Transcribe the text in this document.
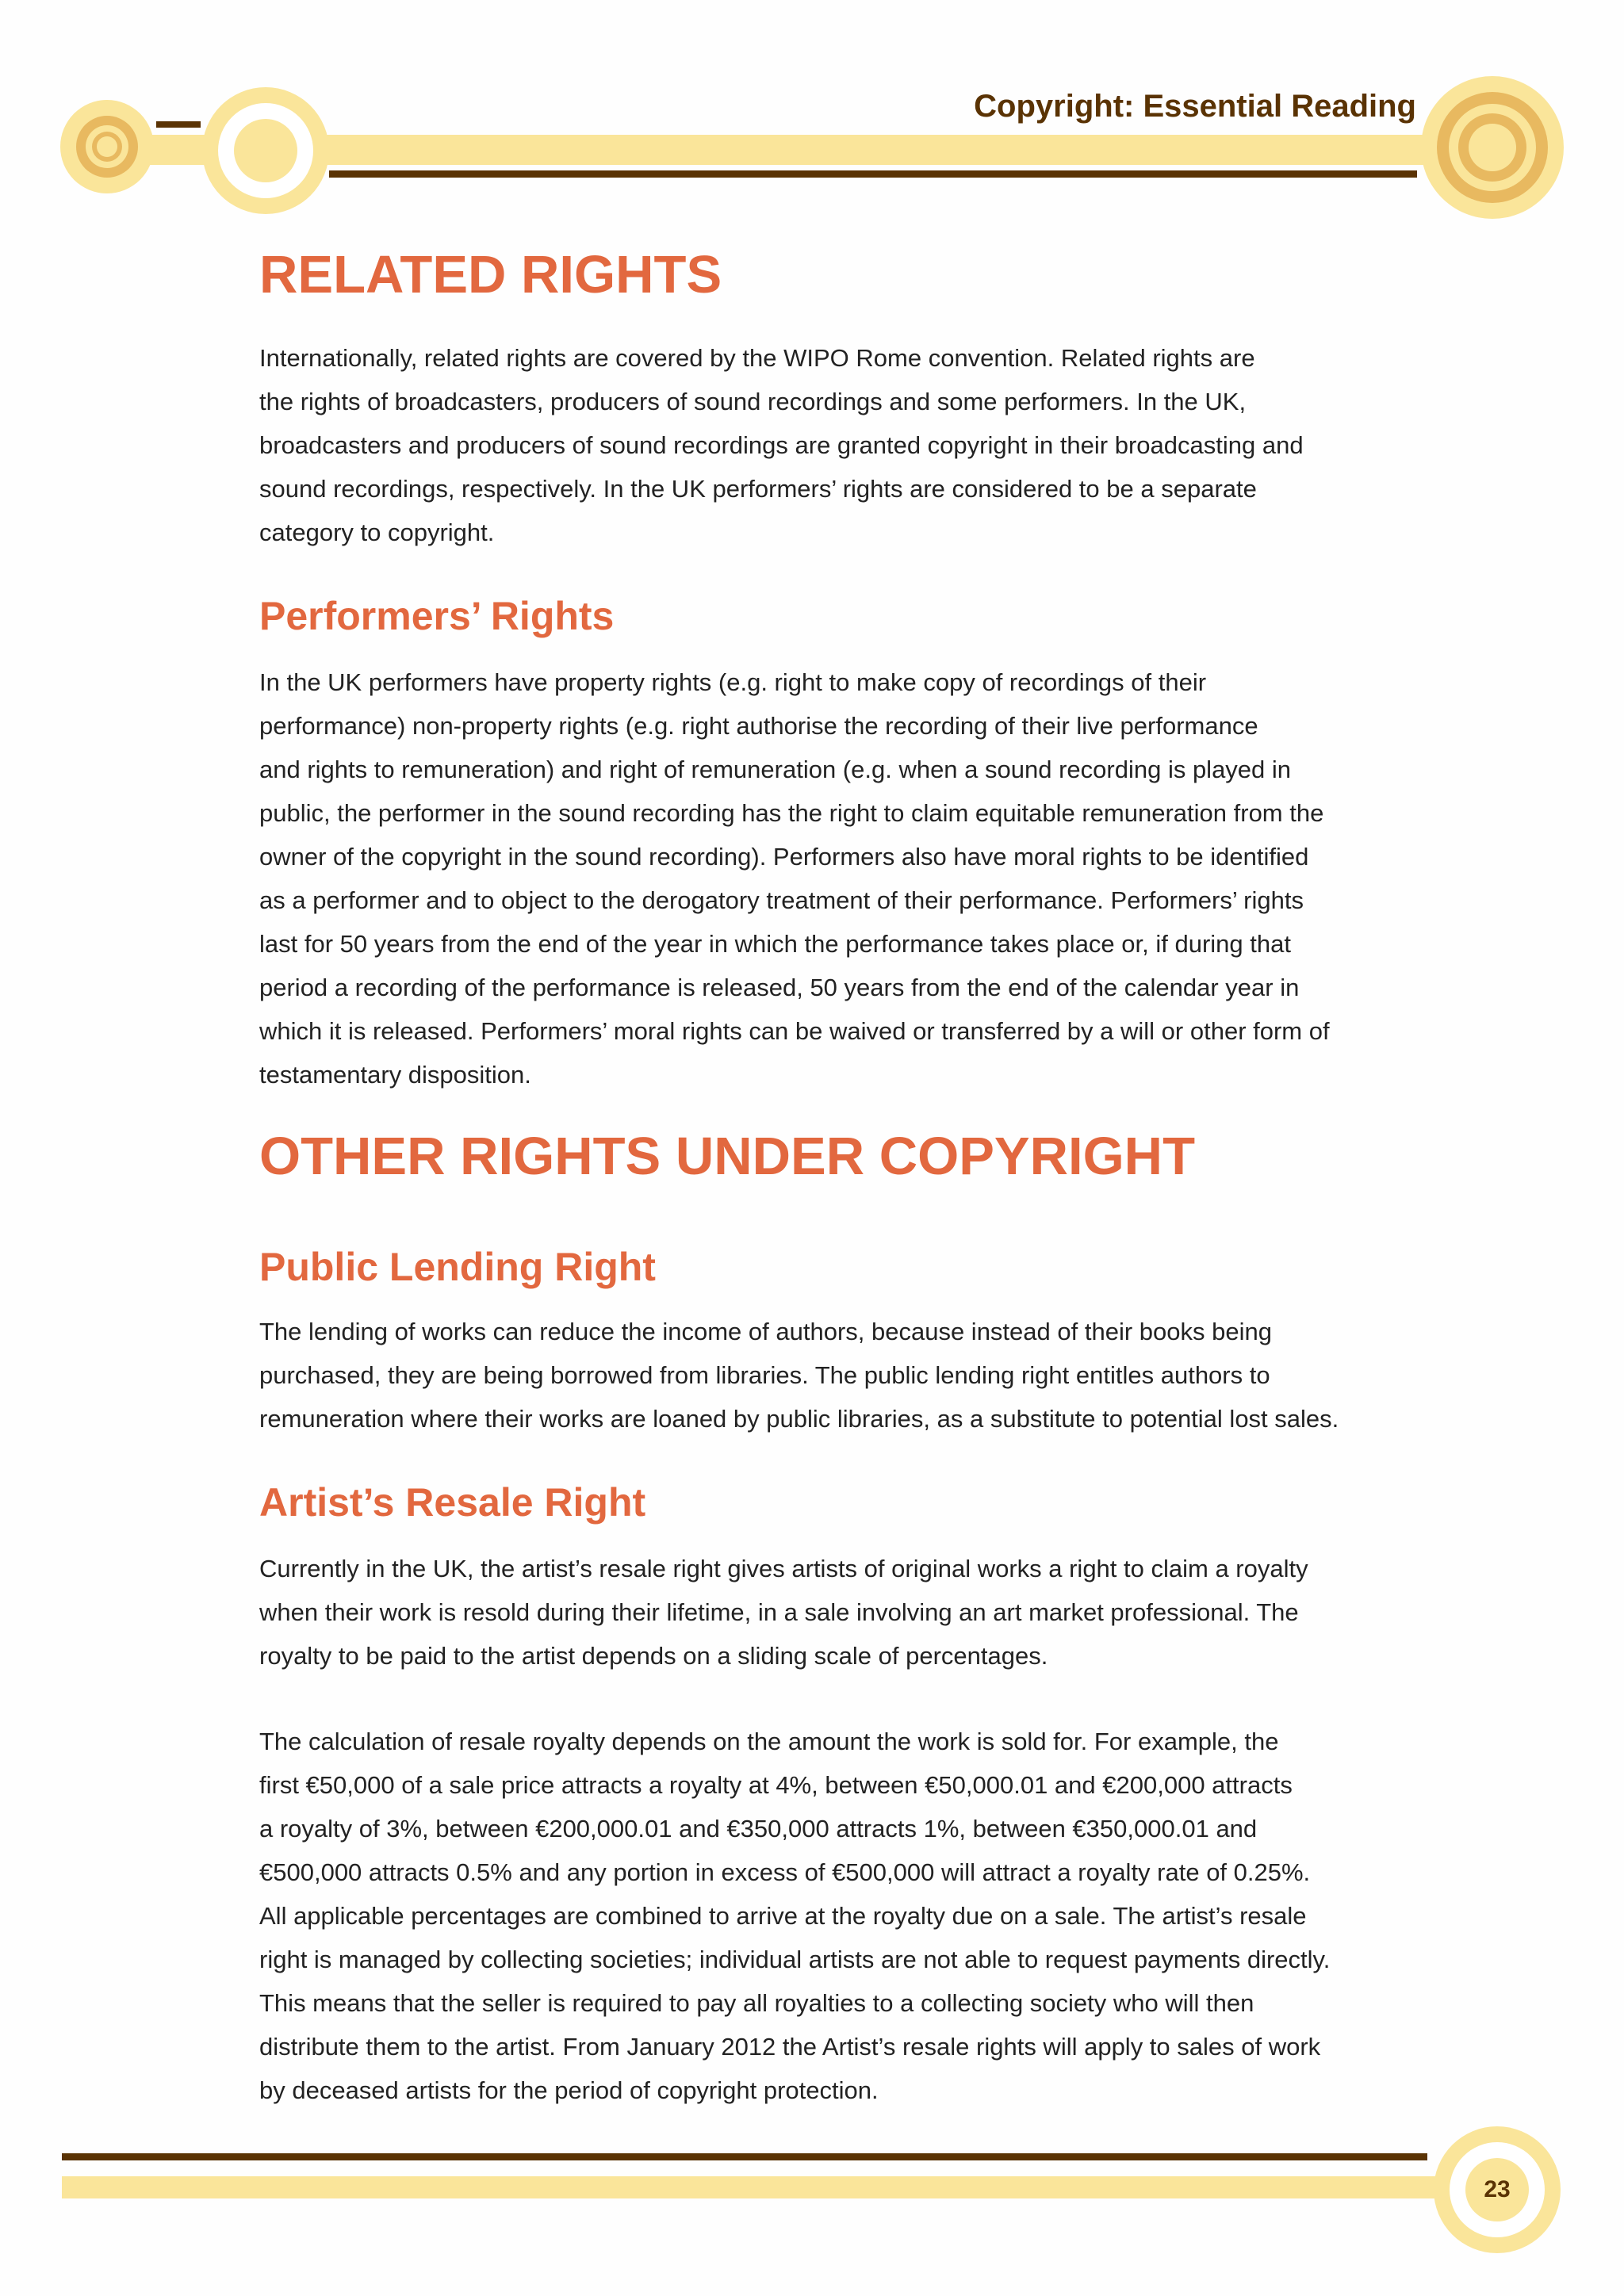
Copyright: Essential Reading
RELATED RIGHTS
Internationally, related rights are covered by the WIPO Rome convention. Related rights are
the rights of broadcasters, producers of sound recordings and some performers. In the UK,
broadcasters and producers of sound recordings are granted copyright in their broadcasting and
sound recordings, respectively. In the UK performers’ rights are considered to be a separate
category to copyright.
Performers’ Rights
In the UK performers have property rights (e.g. right to make copy of recordings of their
performance) non-property rights (e.g. right authorise the recording of their live performance
and rights to remuneration) and right of remuneration (e.g. when a sound recording is played in
public, the performer in the sound recording has the right to claim equitable remuneration from the
owner of the copyright in the sound recording). Performers also have moral rights to be identified
as a performer and to object to the derogatory treatment of their performance. Performers’ rights
last for 50 years from the end of the year in which the performance takes place or, if during that
period a recording of the performance is released, 50 years from the end of the calendar year in
which it is released. Performers’ moral rights can be waived or transferred by a will or other form of
testamentary disposition.
OTHER RIGHTS UNDER COPYRIGHT
Public Lending Right
The lending of works can reduce the income of authors, because instead of their books being
purchased, they are being borrowed from libraries. The public lending right entitles authors to
remuneration where their works are loaned by public libraries, as a substitute to potential lost sales.
Artist’s Resale Right
Currently in the UK, the artist’s resale right gives artists of original works a right to claim a royalty
when their work is resold during their lifetime, in a sale involving an art market professional. The
royalty to be paid to the artist depends on a sliding scale of percentages.
The calculation of resale royalty depends on the amount the work is sold for. For example, the
first €50,000 of a sale price attracts a royalty at 4%, between €50,000.01 and €200,000 attracts
a royalty of 3%, between €200,000.01 and €350,000 attracts 1%, between €350,000.01 and
€500,000 attracts 0.5% and any portion in excess of €500,000 will attract a royalty rate of 0.25%.
All applicable percentages are combined to arrive at the royalty due on a sale. The artist’s resale
right is managed by collecting societies; individual artists are not able to request payments directly.
This means that the seller is required to pay all royalties to a collecting society who will then
distribute them to the artist. From January 2012 the Artist’s resale rights will apply to sales of work
by deceased artists for the period of copyright protection.
23
